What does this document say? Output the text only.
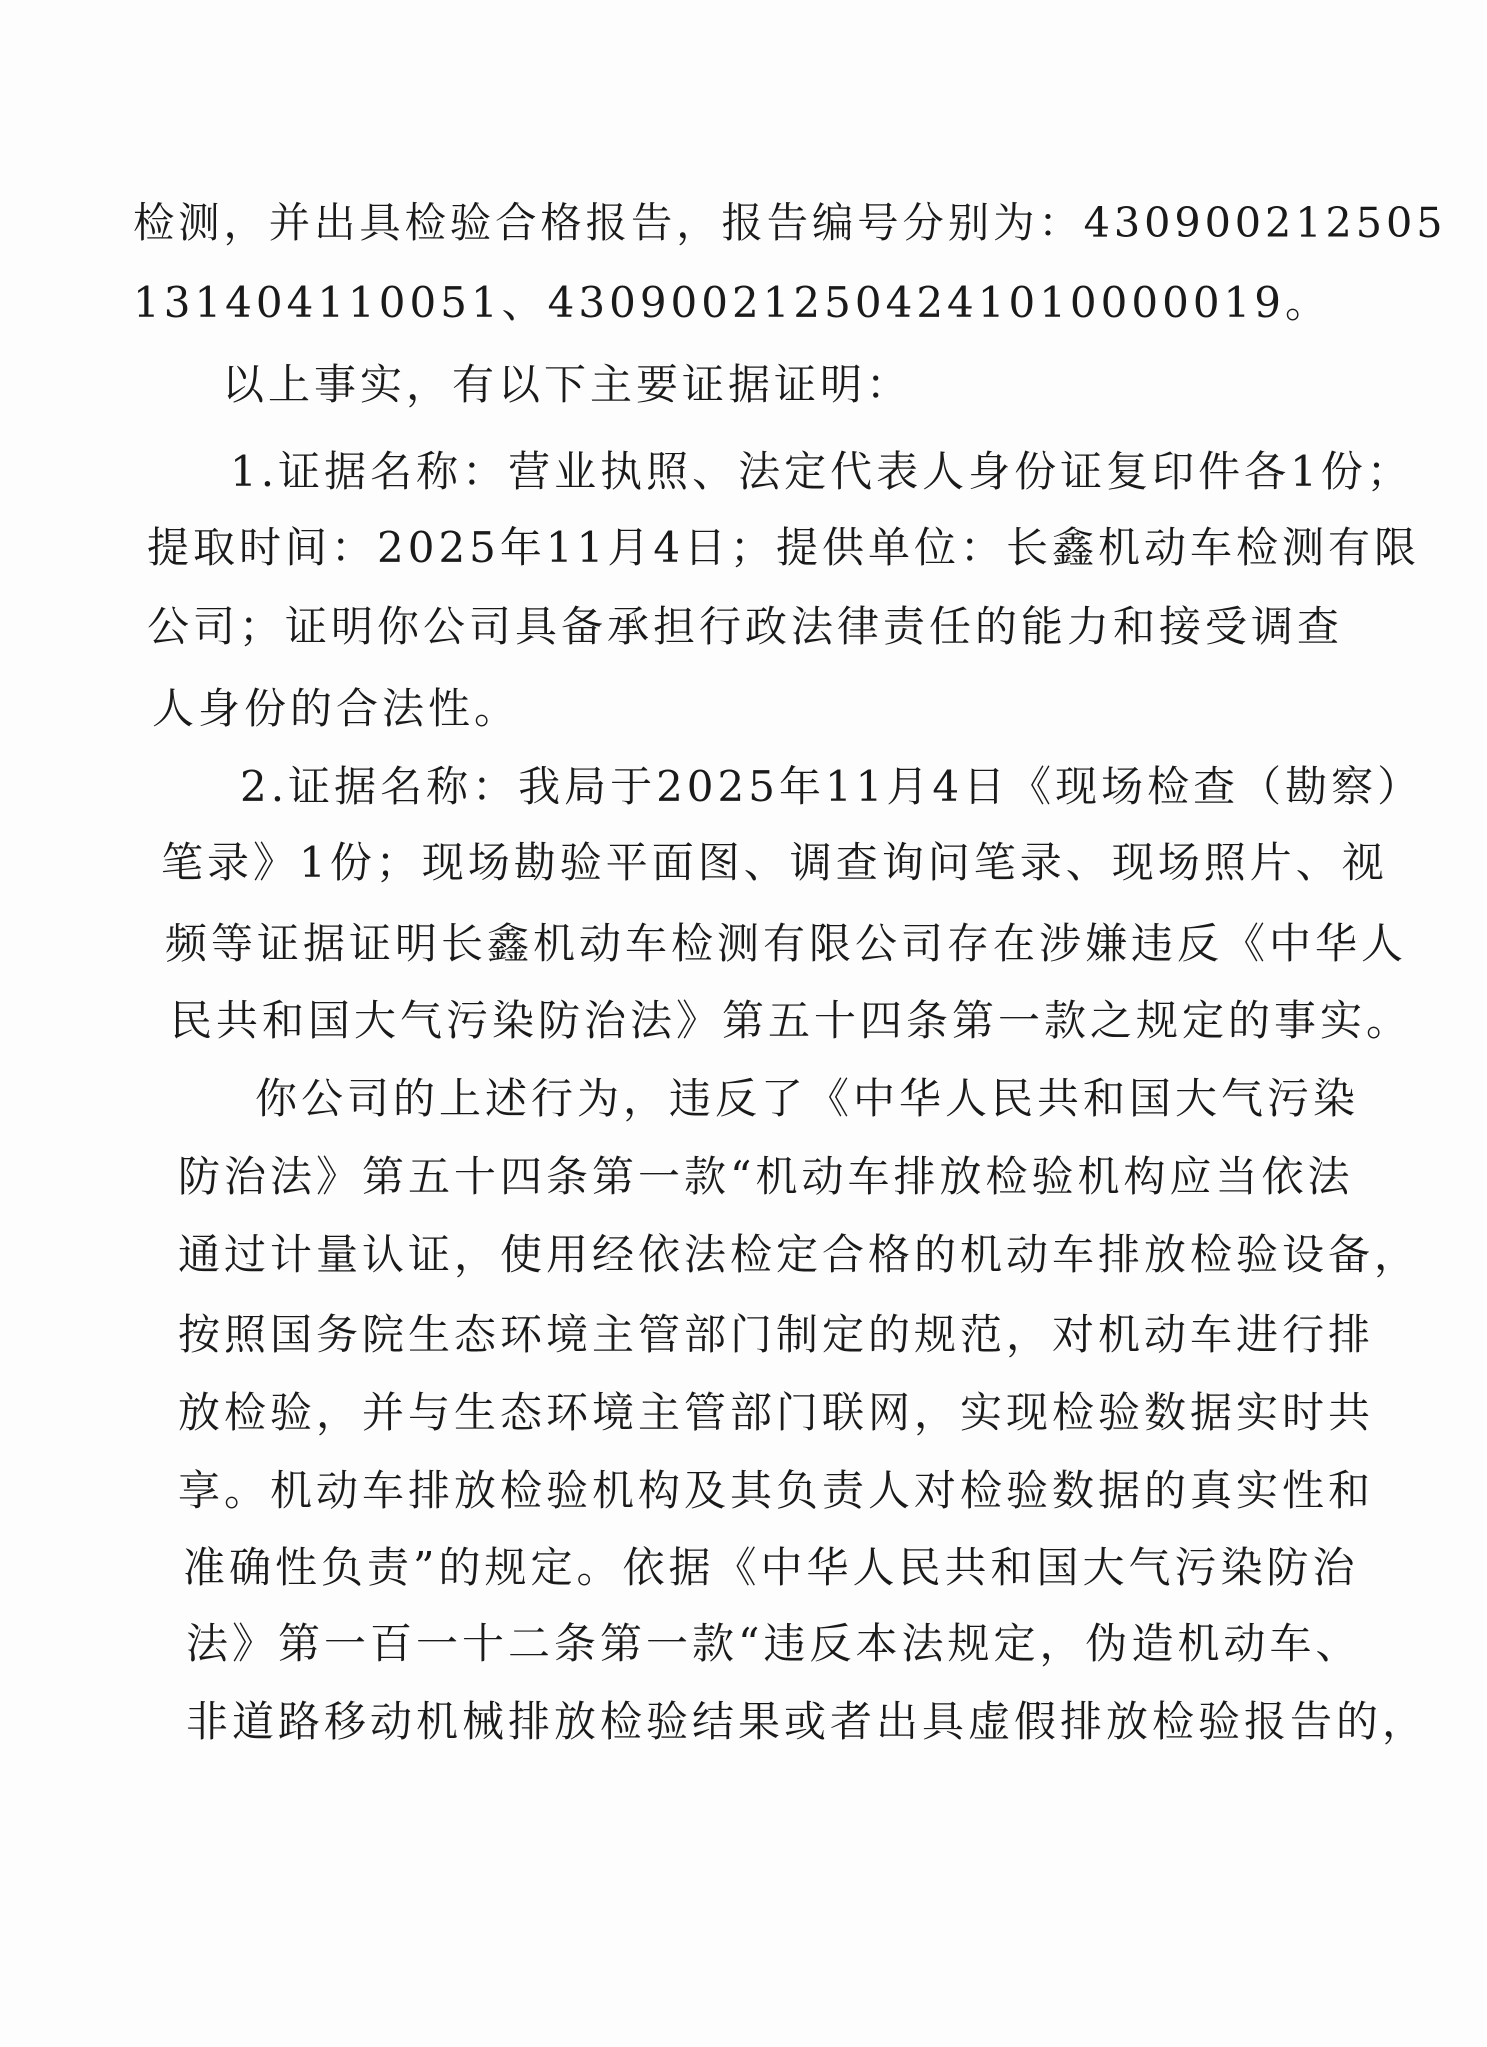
检测，并出具检验合格报告，报告编号分别为：430900212505
131404110051、430900212504241010000019。
以上事实，有以下主要证据证明：
1.证据名称：营业执照、法定代表人身份证复印件各1份；
提取时间：2025年11月4日；提供单位：长鑫机动车检测有限
公司；证明你公司具备承担行政法律责任的能力和接受调查
人身份的合法性。
2.证据名称：我局于2025年11月4日《现场检查（勘察）
笔录》1份；现场勘验平面图、调查询问笔录、现场照片、视
频等证据证明长鑫机动车检测有限公司存在涉嫌违反《中华人
民共和国大气污染防治法》第五十四条第一款之规定的事实。
你公司的上述行为，违反了《中华人民共和国大气污染
防治法》第五十四条第一款“机动车排放检验机构应当依法
通过计量认证，使用经依法检定合格的机动车排放检验设备，
按照国务院生态环境主管部门制定的规范，对机动车进行排
放检验，并与生态环境主管部门联网，实现检验数据实时共
享。机动车排放检验机构及其负责人对检验数据的真实性和
准确性负责”的规定。依据《中华人民共和国大气污染防治
法》第一百一十二条第一款“违反本法规定，伪造机动车、
非道路移动机械排放检验结果或者出具虚假排放检验报告的，
